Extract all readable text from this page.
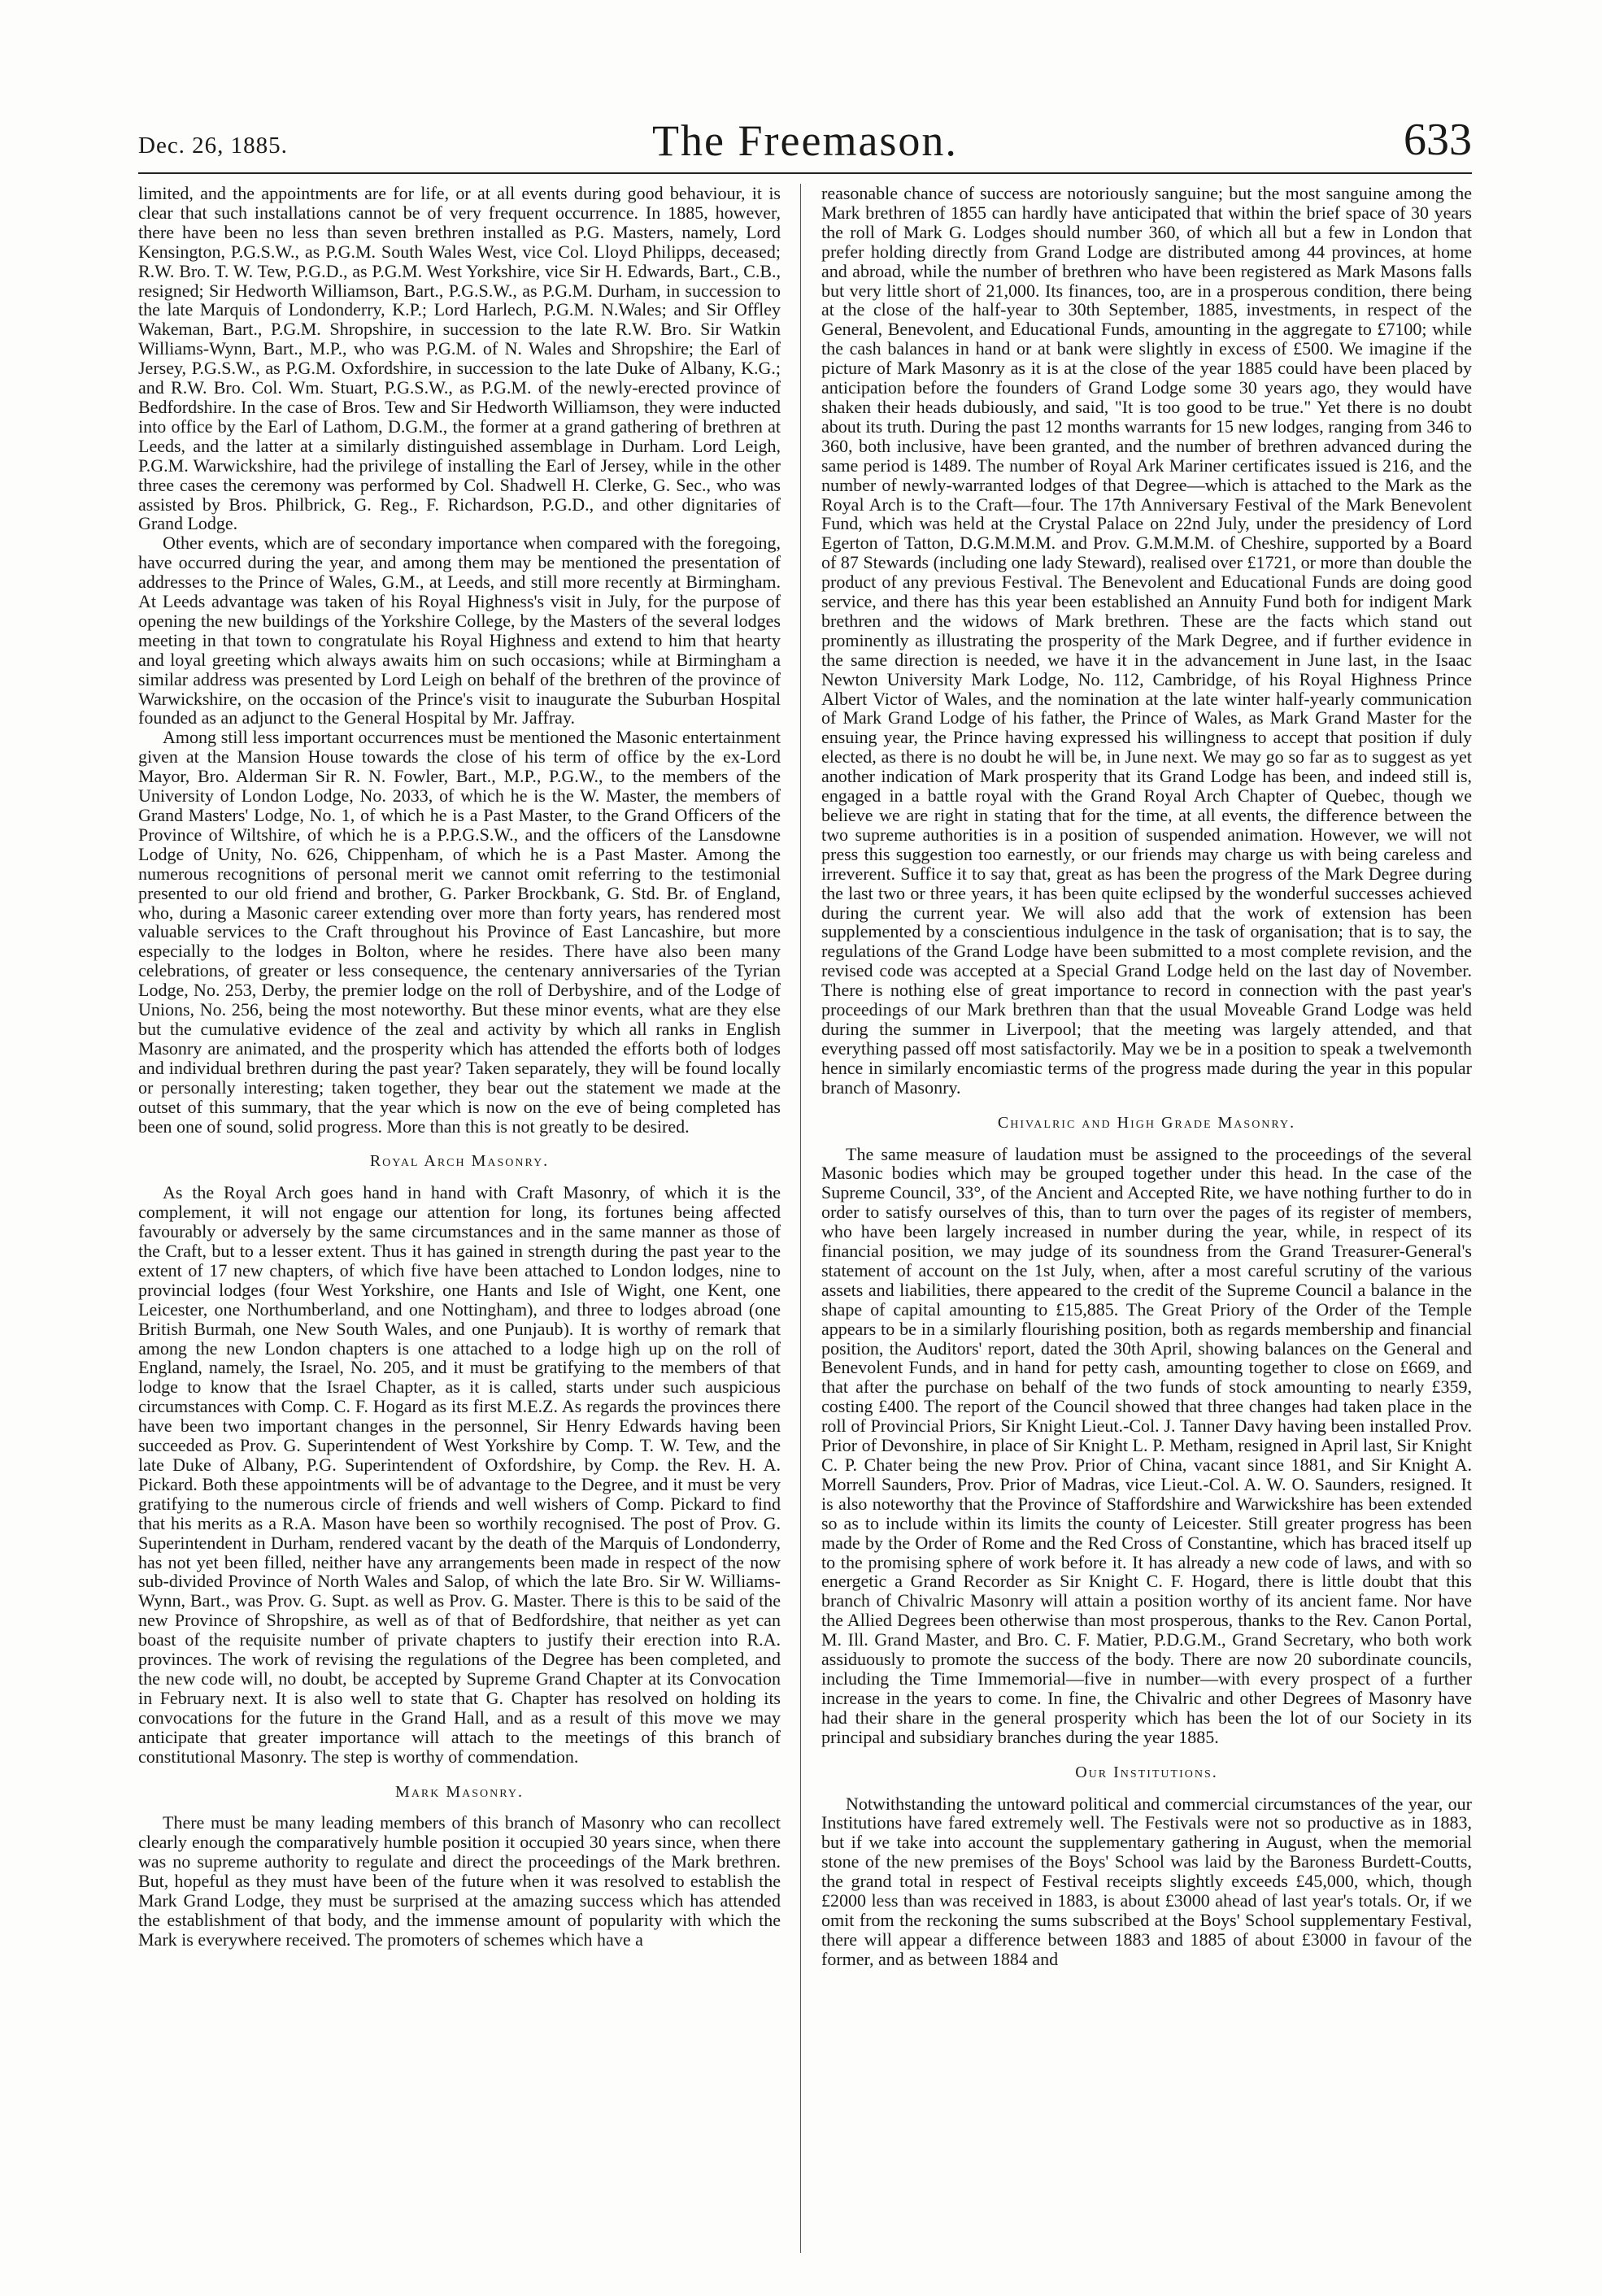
Dec. 26, 1885.	The Freemason.	633

limited, and the appointments are for life, or at all events during good behaviour, it is clear that such installations cannot be of very frequent occurrence. In 1885, however, there have been no less than seven brethren installed as P.G. Masters, namely, Lord Kensington, P.G.S.W., as P.G.M. South Wales West, vice Col. Lloyd Philipps, deceased; R.W. Bro. T. W. Tew, P.G.D., as P.G.M. West Yorkshire, vice Sir H. Edwards, Bart., C.B., resigned; Sir Hedworth Williamson, Bart., P.G.S.W., as P.G.M. Durham, in succession to the late Marquis of Londonderry, K.P.; Lord Harlech, P.G.M. N.Wales; and Sir Offley Wakeman, Bart., P.G.M. Shropshire, in succession to the late R.W. Bro. Sir Watkin Williams-Wynn, Bart., M.P., who was P.G.M. of N. Wales and Shropshire; the Earl of Jersey, P.G.S.W., as P.G.M. Oxfordshire, in succession to the late Duke of Albany, K.G.; and R.W. Bro. Col. Wm. Stuart, P.G.S.W., as P.G.M. of the newly-erected province of Bedfordshire. In the case of Bros. Tew and Sir Hedworth Williamson, they were inducted into office by the Earl of Lathom, D.G.M., the former at a grand gathering of brethren at Leeds, and the latter at a similarly distinguished assemblage in Durham. Lord Leigh, P.G.M. Warwickshire, had the privilege of installing the Earl of Jersey, while in the other three cases the ceremony was performed by Col. Shadwell H. Clerke, G. Sec., who was assisted by Bros. Philbrick, G. Reg., F. Richardson, P.G.D., and other dignitaries of Grand Lodge.

Other events, which are of secondary importance when compared with the foregoing, have occurred during the year, and among them may be mentioned the presentation of addresses to the Prince of Wales, G.M., at Leeds, and still more recently at Birmingham. At Leeds advantage was taken of his Royal Highness's visit in July, for the purpose of opening the new buildings of the Yorkshire College, by the Masters of the several lodges meeting in that town to congratulate his Royal Highness and extend to him that hearty and loyal greeting which always awaits him on such occasions; while at Birmingham a similar address was presented by Lord Leigh on behalf of the brethren of the province of Warwickshire, on the occasion of the Prince's visit to inaugurate the Suburban Hospital founded as an adjunct to the General Hospital by Mr. Jaffray.

Among still less important occurrences must be mentioned the Masonic entertainment given at the Mansion House towards the close of his term of office by the ex-Lord Mayor, Bro. Alderman Sir R. N. Fowler, Bart., M.P., P.G.W., to the members of the University of London Lodge, No. 2033, of which he is the W. Master, the members of Grand Masters' Lodge, No. 1, of which he is a Past Master, to the Grand Officers of the Province of Wiltshire, of which he is a P.P.G.S.W., and the officers of the Lansdowne Lodge of Unity, No. 626, Chippenham, of which he is a Past Master. Among the numerous recognitions of personal merit we cannot omit referring to the testimonial presented to our old friend and brother, G. Parker Brockbank, G. Std. Br. of England, who, during a Masonic career extending over more than forty years, has rendered most valuable services to the Craft throughout his Province of East Lancashire, but more especially to the lodges in Bolton, where he resides. There have also been many celebrations, of greater or less consequence, the centenary anniversaries of the Tyrian Lodge, No. 253, Derby, the premier lodge on the roll of Derbyshire, and of the Lodge of Unions, No. 256, being the most noteworthy. But these minor events, what are they else but the cumulative evidence of the zeal and activity by which all ranks in English Masonry are animated, and the prosperity which has attended the efforts both of lodges and individual brethren during the past year? Taken separately, they will be found locally or personally interesting; taken together, they bear out the statement we made at the outset of this summary, that the year which is now on the eve of being completed has been one of sound, solid progress. More than this is not greatly to be desired.

Royal Arch Masonry.

As the Royal Arch goes hand in hand with Craft Masonry, of which it is the complement, it will not engage our attention for long, its fortunes being affected favourably or adversely by the same circumstances and in the same manner as those of the Craft, but to a lesser extent. Thus it has gained in strength during the past year to the extent of 17 new chapters, of which five have been attached to London lodges, nine to provincial lodges (four West Yorkshire, one Hants and Isle of Wight, one Kent, one Leicester, one Northumberland, and one Nottingham), and three to lodges abroad (one British Burmah, one New South Wales, and one Punjaub). It is worthy of remark that among the new London chapters is one attached to a lodge high up on the roll of England, namely, the Israel, No. 205, and it must be gratifying to the members of that lodge to know that the Israel Chapter, as it is called, starts under such auspicious circumstances with Comp. C. F. Hogard as its first M.E.Z. As regards the provinces there have been two important changes in the personnel, Sir Henry Edwards having been succeeded as Prov. G. Superintendent of West Yorkshire by Comp. T. W. Tew, and the late Duke of Albany, P.G. Superintendent of Oxfordshire, by Comp. the Rev. H. A. Pickard. Both these appointments will be of advantage to the Degree, and it must be very gratifying to the numerous circle of friends and well wishers of Comp. Pickard to find that his merits as a R.A. Mason have been so worthily recognised. The post of Prov. G. Superintendent in Durham, rendered vacant by the death of the Marquis of Londonderry, has not yet been filled, neither have any arrangements been made in respect of the now sub-divided Province of North Wales and Salop, of which the late Bro. Sir W. Williams-Wynn, Bart., was Prov. G. Supt. as well as Prov. G. Master. There is this to be said of the new Province of Shropshire, as well as of that of Bedfordshire, that neither as yet can boast of the requisite number of private chapters to justify their erection into R.A. provinces. The work of revising the regulations of the Degree has been completed, and the new code will, no doubt, be accepted by Supreme Grand Chapter at its Convocation in February next. It is also well to state that G. Chapter has resolved on holding its convocations for the future in the Grand Hall, and as a result of this move we may anticipate that greater importance will attach to the meetings of this branch of constitutional Masonry. The step is worthy of commendation.

Mark Masonry.

There must be many leading members of this branch of Masonry who can recollect clearly enough the comparatively humble position it occupied 30 years since, when there was no supreme authority to regulate and direct the proceedings of the Mark brethren. But, hopeful as they must have been of the future when it was resolved to establish the Mark Grand Lodge, they must be surprised at the amazing success which has attended the establishment of that body, and the immense amount of popularity with which the Mark is everywhere received. The promoters of schemes which have a

reasonable chance of success are notoriously sanguine; but the most sanguine among the Mark brethren of 1855 can hardly have anticipated that within the brief space of 30 years the roll of Mark G. Lodges should number 360, of which all but a few in London that prefer holding directly from Grand Lodge are distributed among 44 provinces, at home and abroad, while the number of brethren who have been registered as Mark Masons falls but very little short of 21,000. Its finances, too, are in a prosperous condition, there being at the close of the half-year to 30th September, 1885, investments, in respect of the General, Benevolent, and Educational Funds, amounting in the aggregate to £7100; while the cash balances in hand or at bank were slightly in excess of £500. We imagine if the picture of Mark Masonry as it is at the close of the year 1885 could have been placed by anticipation before the founders of Grand Lodge some 30 years ago, they would have shaken their heads dubiously, and said, "It is too good to be true." Yet there is no doubt about its truth. During the past 12 months warrants for 15 new lodges, ranging from 346 to 360, both inclusive, have been granted, and the number of brethren advanced during the same period is 1489. The number of Royal Ark Mariner certificates issued is 216, and the number of newly-warranted lodges of that Degree—which is attached to the Mark as the Royal Arch is to the Craft—four. The 17th Anniversary Festival of the Mark Benevolent Fund, which was held at the Crystal Palace on 22nd July, under the presidency of Lord Egerton of Tatton, D.G.M.M.M. and Prov. G.M.M.M. of Cheshire, supported by a Board of 87 Stewards (including one lady Steward), realised over £1721, or more than double the product of any previous Festival. The Benevolent and Educational Funds are doing good service, and there has this year been established an Annuity Fund both for indigent Mark brethren and the widows of Mark brethren. These are the facts which stand out prominently as illustrating the prosperity of the Mark Degree, and if further evidence in the same direction is needed, we have it in the advancement in June last, in the Isaac Newton University Mark Lodge, No. 112, Cambridge, of his Royal Highness Prince Albert Victor of Wales, and the nomination at the late winter half-yearly communication of Mark Grand Lodge of his father, the Prince of Wales, as Mark Grand Master for the ensuing year, the Prince having expressed his willingness to accept that position if duly elected, as there is no doubt he will be, in June next. We may go so far as to suggest as yet another indication of Mark prosperity that its Grand Lodge has been, and indeed still is, engaged in a battle royal with the Grand Royal Arch Chapter of Quebec, though we believe we are right in stating that for the time, at all events, the difference between the two supreme authorities is in a position of suspended animation. However, we will not press this suggestion too earnestly, or our friends may charge us with being careless and irreverent. Suffice it to say that, great as has been the progress of the Mark Degree during the last two or three years, it has been quite eclipsed by the wonderful successes achieved during the current year. We will also add that the work of extension has been supplemented by a conscientious indulgence in the task of organisation; that is to say, the regulations of the Grand Lodge have been submitted to a most complete revision, and the revised code was accepted at a Special Grand Lodge held on the last day of November. There is nothing else of great importance to record in connection with the past year's proceedings of our Mark brethren than that the usual Moveable Grand Lodge was held during the summer in Liverpool; that the meeting was largely attended, and that everything passed off most satisfactorily. May we be in a position to speak a twelvemonth hence in similarly encomiastic terms of the progress made during the year in this popular branch of Masonry.

Chivalric and High Grade Masonry.

The same measure of laudation must be assigned to the proceedings of the several Masonic bodies which may be grouped together under this head. In the case of the Supreme Council, 33°, of the Ancient and Accepted Rite, we have nothing further to do in order to satisfy ourselves of this, than to turn over the pages of its register of members, who have been largely increased in number during the year, while, in respect of its financial position, we may judge of its soundness from the Grand Treasurer-General's statement of account on the 1st July, when, after a most careful scrutiny of the various assets and liabilities, there appeared to the credit of the Supreme Council a balance in the shape of capital amounting to £15,885. The Great Priory of the Order of the Temple appears to be in a similarly flourishing position, both as regards membership and financial position, the Auditors' report, dated the 30th April, showing balances on the General and Benevolent Funds, and in hand for petty cash, amounting together to close on £669, and that after the purchase on behalf of the two funds of stock amounting to nearly £359, costing £400. The report of the Council showed that three changes had taken place in the roll of Provincial Priors, Sir Knight Lieut.-Col. J. Tanner Davy having been installed Prov. Prior of Devonshire, in place of Sir Knight L. P. Metham, resigned in April last, Sir Knight C. P. Chater being the new Prov. Prior of China, vacant since 1881, and Sir Knight A. Morrell Saunders, Prov. Prior of Madras, vice Lieut.-Col. A. W. O. Saunders, resigned. It is also noteworthy that the Province of Staffordshire and Warwickshire has been extended so as to include within its limits the county of Leicester. Still greater progress has been made by the Order of Rome and the Red Cross of Constantine, which has braced itself up to the promising sphere of work before it. It has already a new code of laws, and with so energetic a Grand Recorder as Sir Knight C. F. Hogard, there is little doubt that this branch of Chivalric Masonry will attain a position worthy of its ancient fame. Nor have the Allied Degrees been otherwise than most prosperous, thanks to the Rev. Canon Portal, M. Ill. Grand Master, and Bro. C. F. Matier, P.D.G.M., Grand Secretary, who both work assiduously to promote the success of the body. There are now 20 subordinate councils, including the Time Immemorial—five in number—with every prospect of a further increase in the years to come. In fine, the Chivalric and other Degrees of Masonry have had their share in the general prosperity which has been the lot of our Society in its principal and subsidiary branches during the year 1885.

Our Institutions.

Notwithstanding the untoward political and commercial circumstances of the year, our Institutions have fared extremely well. The Festivals were not so productive as in 1883, but if we take into account the supplementary gathering in August, when the memorial stone of the new premises of the Boys' School was laid by the Baroness Burdett-Coutts, the grand total in respect of Festival receipts slightly exceeds £45,000, which, though £2000 less than was received in 1883, is about £3000 ahead of last year's totals. Or, if we omit from the reckoning the sums subscribed at the Boys' School supplementary Festival, there will appear a difference between 1883 and 1885 of about £3000 in favour of the former, and as between 1884 and
